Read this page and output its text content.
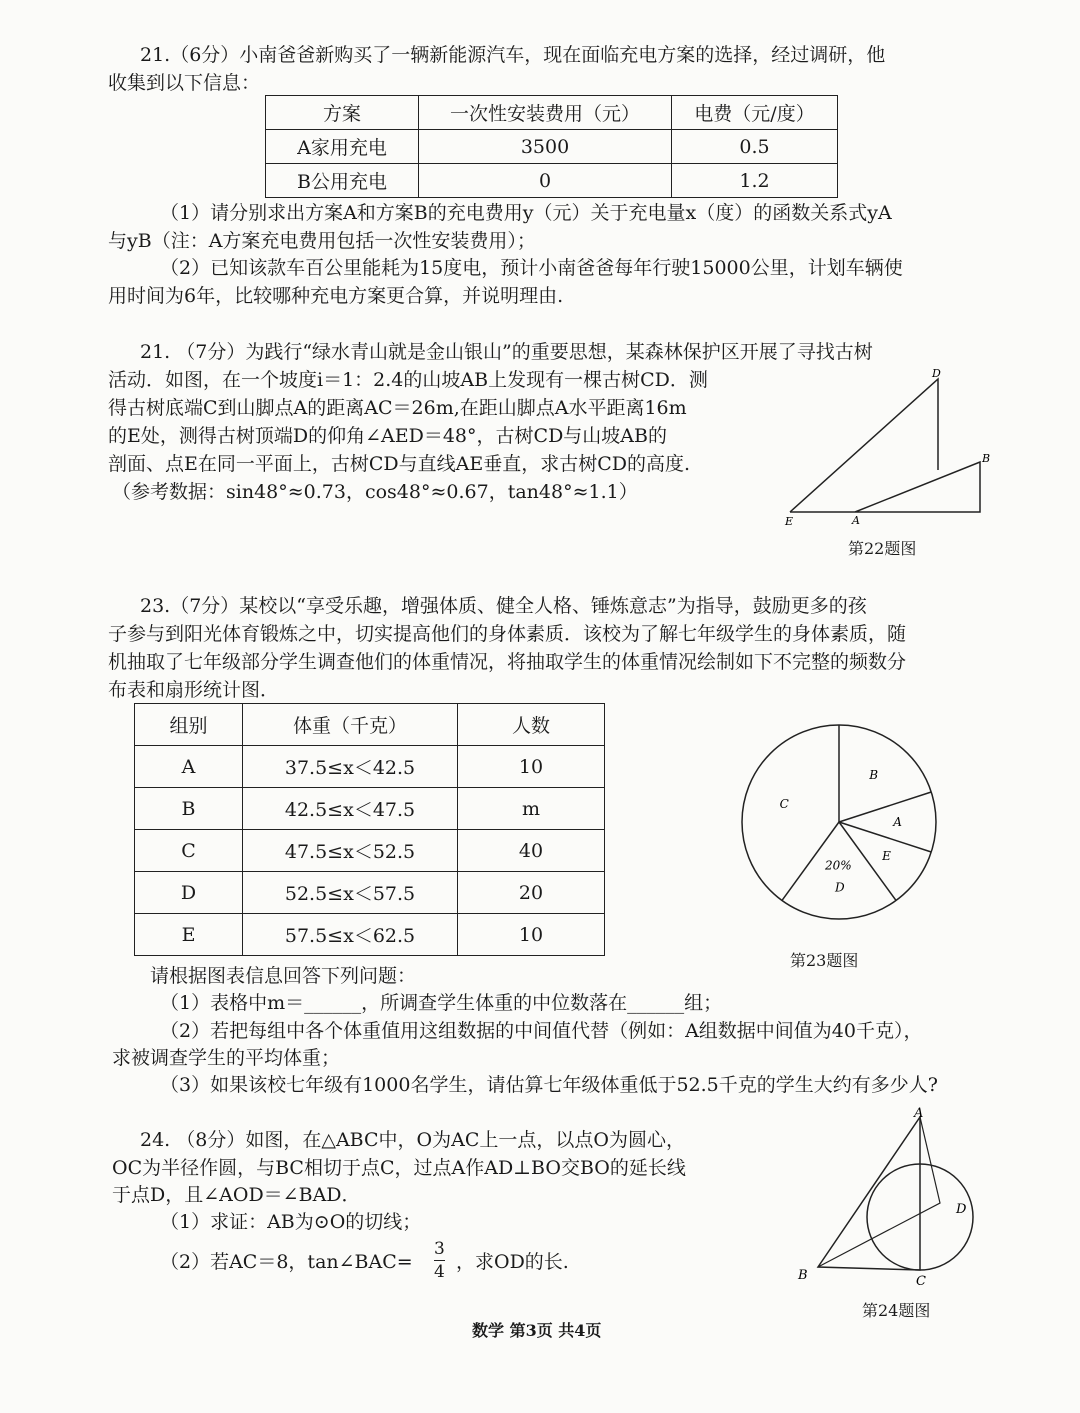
21.（6分）小南爸爸新购买了一辆新能源汽车，现在面临充电方案的选择，经过调研，他
收集到以下信息：
方案	一次性安装费用（元）	电费（元/度）
A家用充电	3500	0.5
B公用充电	0	1.2
（1）请分别求出方案A和方案B的充电费用y（元）关于充电量x（度）的函数关系式yA
与yB（注：A方案充电费用包括一次性安装费用）；
（2）已知该款车百公里能耗为15度电，预计小南爸爸每年行驶15000公里，计划车辆使
用时间为6年，比较哪种充电方案更合算，并说明理由.
21. （7分）为践行“绿水青山就是金山银山”的重要思想，某森林保护区开展了寻找古树
活动．如图，在一个坡度i＝1：2.4的山坡AB上发现有一棵古树CD．测
得古树底端C到山脚点A的距离AC＝26m,在距山脚点A水平距离16m
的E处，测得古树顶端D的仰角∠AED＝48°，古树CD与山坡AB的
剖面、点E在同一平面上，古树CD与直线AE垂直，求古树CD的高度.
（参考数据：sin48°≈0.73，cos48°≈0.67，tan48°≈1.1）
D
B
E	A
第22题图
23.（7分）某校以“享受乐趣，增强体质、健全人格、锤炼意志”为指导，鼓励更多的孩
子参与到阳光体育锻炼之中，切实提高他们的身体素质．该校为了解七年级学生的身体素质，随
机抽取了七年级部分学生调查他们的体重情况，将抽取学生的体重情况绘制如下不完整的频数分
布表和扇形统计图．
组别	体重（千克）	人数
A	37.5≤x＜42.5	10
B	42.5≤x＜47.5	m
C	47.5≤x＜52.5	40
D	52.5≤x＜57.5	20
E	57.5≤x＜62.5	10
请根据图表信息回答下列问题：
（1）表格中m＝______，所调查学生体重的中位数落在______组；
（2）若把每组中各个体重值用这组数据的中间值代替（例如：A组数据中间值为40千克），
求被调查学生的平均体重；
（3）如果该校七年级有1000名学生，请估算七年级体重低于52.5千克的学生大约有多少人?
B
A
E
D
20%
C
第23题图
24. （8分）如图，在△ABC中，O为AC上一点，以点O为圆心，
OC为半径作圆，与BC相切于点C，过点A作AD⊥BO交BO的延长线
于点D，且∠AOD＝∠BAD．
（1）求证：AB为⊙O的切线；
（2）若AC＝8，tan∠BAC= $\frac{3}{4}$ ，求OD的长.
A
B	C
D
第24题图
数学 第3页 共4页
